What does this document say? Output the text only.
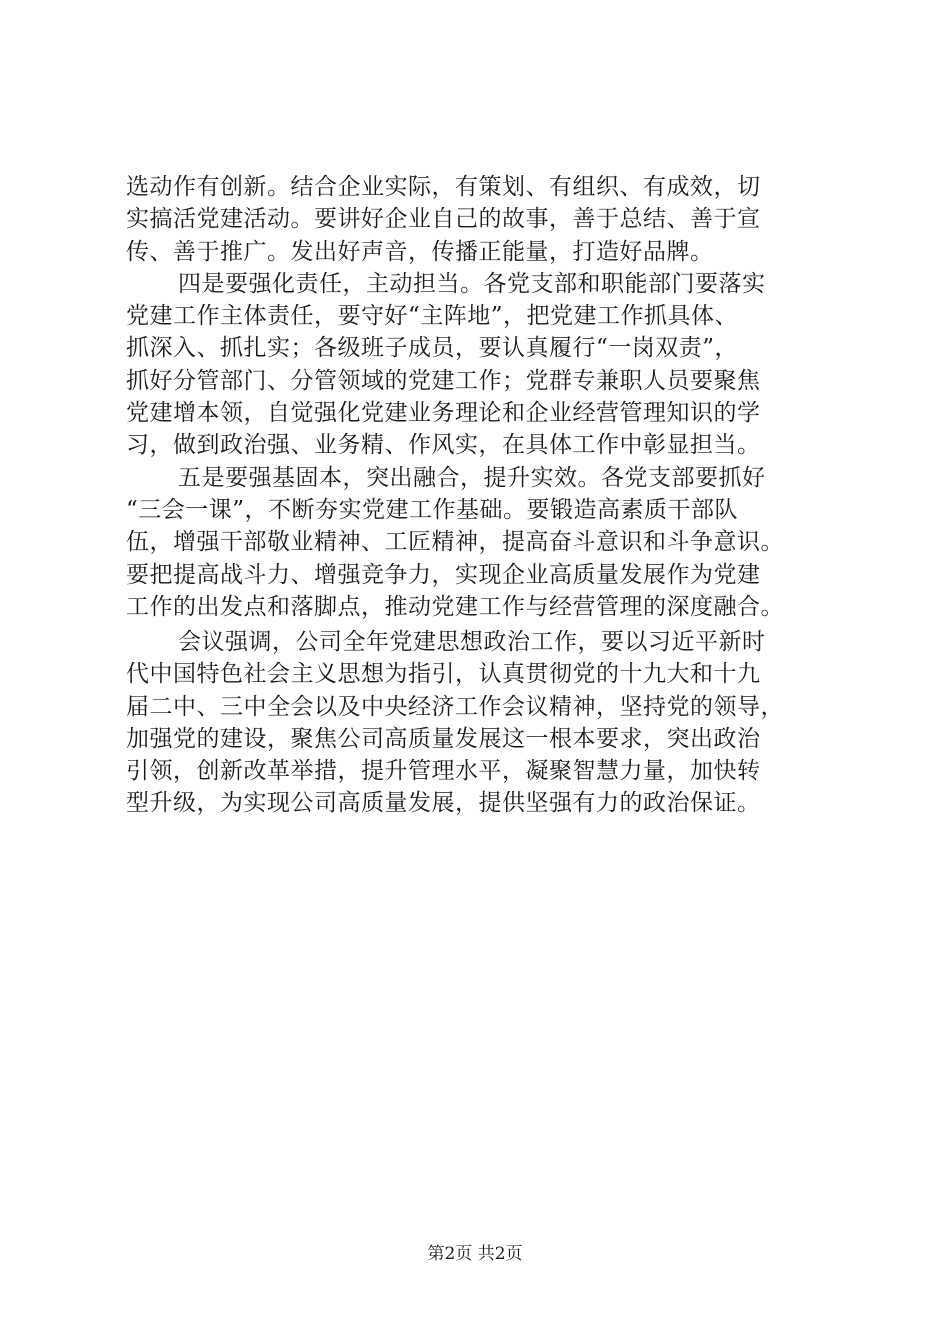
选动作有创新。结合企业实际，有策划、有组织、有成效，切
实搞活党建活动。要讲好企业自己的故事，善于总结、善于宣
传、善于推广。发出好声音，传播正能量，打造好品牌。
四是要强化责任，主动担当。各党支部和职能部门要落实
党建工作主体责任，要守好“主阵地”，把党建工作抓具体、
抓深入、抓扎实；各级班子成员，要认真履行“一岗双责”，
抓好分管部门、分管领域的党建工作；党群专兼职人员要聚焦
党建增本领，自觉强化党建业务理论和企业经营管理知识的学
习，做到政治强、业务精、作风实，在具体工作中彰显担当。
五是要强基固本，突出融合，提升实效。各党支部要抓好
“三会一课”，不断夯实党建工作基础。要锻造高素质干部队
伍，增强干部敬业精神、工匠精神，提高奋斗意识和斗争意识。
要把提高战斗力、增强竞争力，实现企业高质量发展作为党建
工作的出发点和落脚点，推动党建工作与经营管理的深度融合。
会议强调，公司全年党建思想政治工作，要以习近平新时
代中国特色社会主义思想为指引，认真贯彻党的十九大和十九
届二中、三中全会以及中央经济工作会议精神，坚持党的领导，
加强党的建设，聚焦公司高质量发展这一根本要求，突出政治
引领，创新改革举措，提升管理水平，凝聚智慧力量，加快转
型升级，为实现公司高质量发展，提供坚强有力的政治保证。
第2页 共2页
